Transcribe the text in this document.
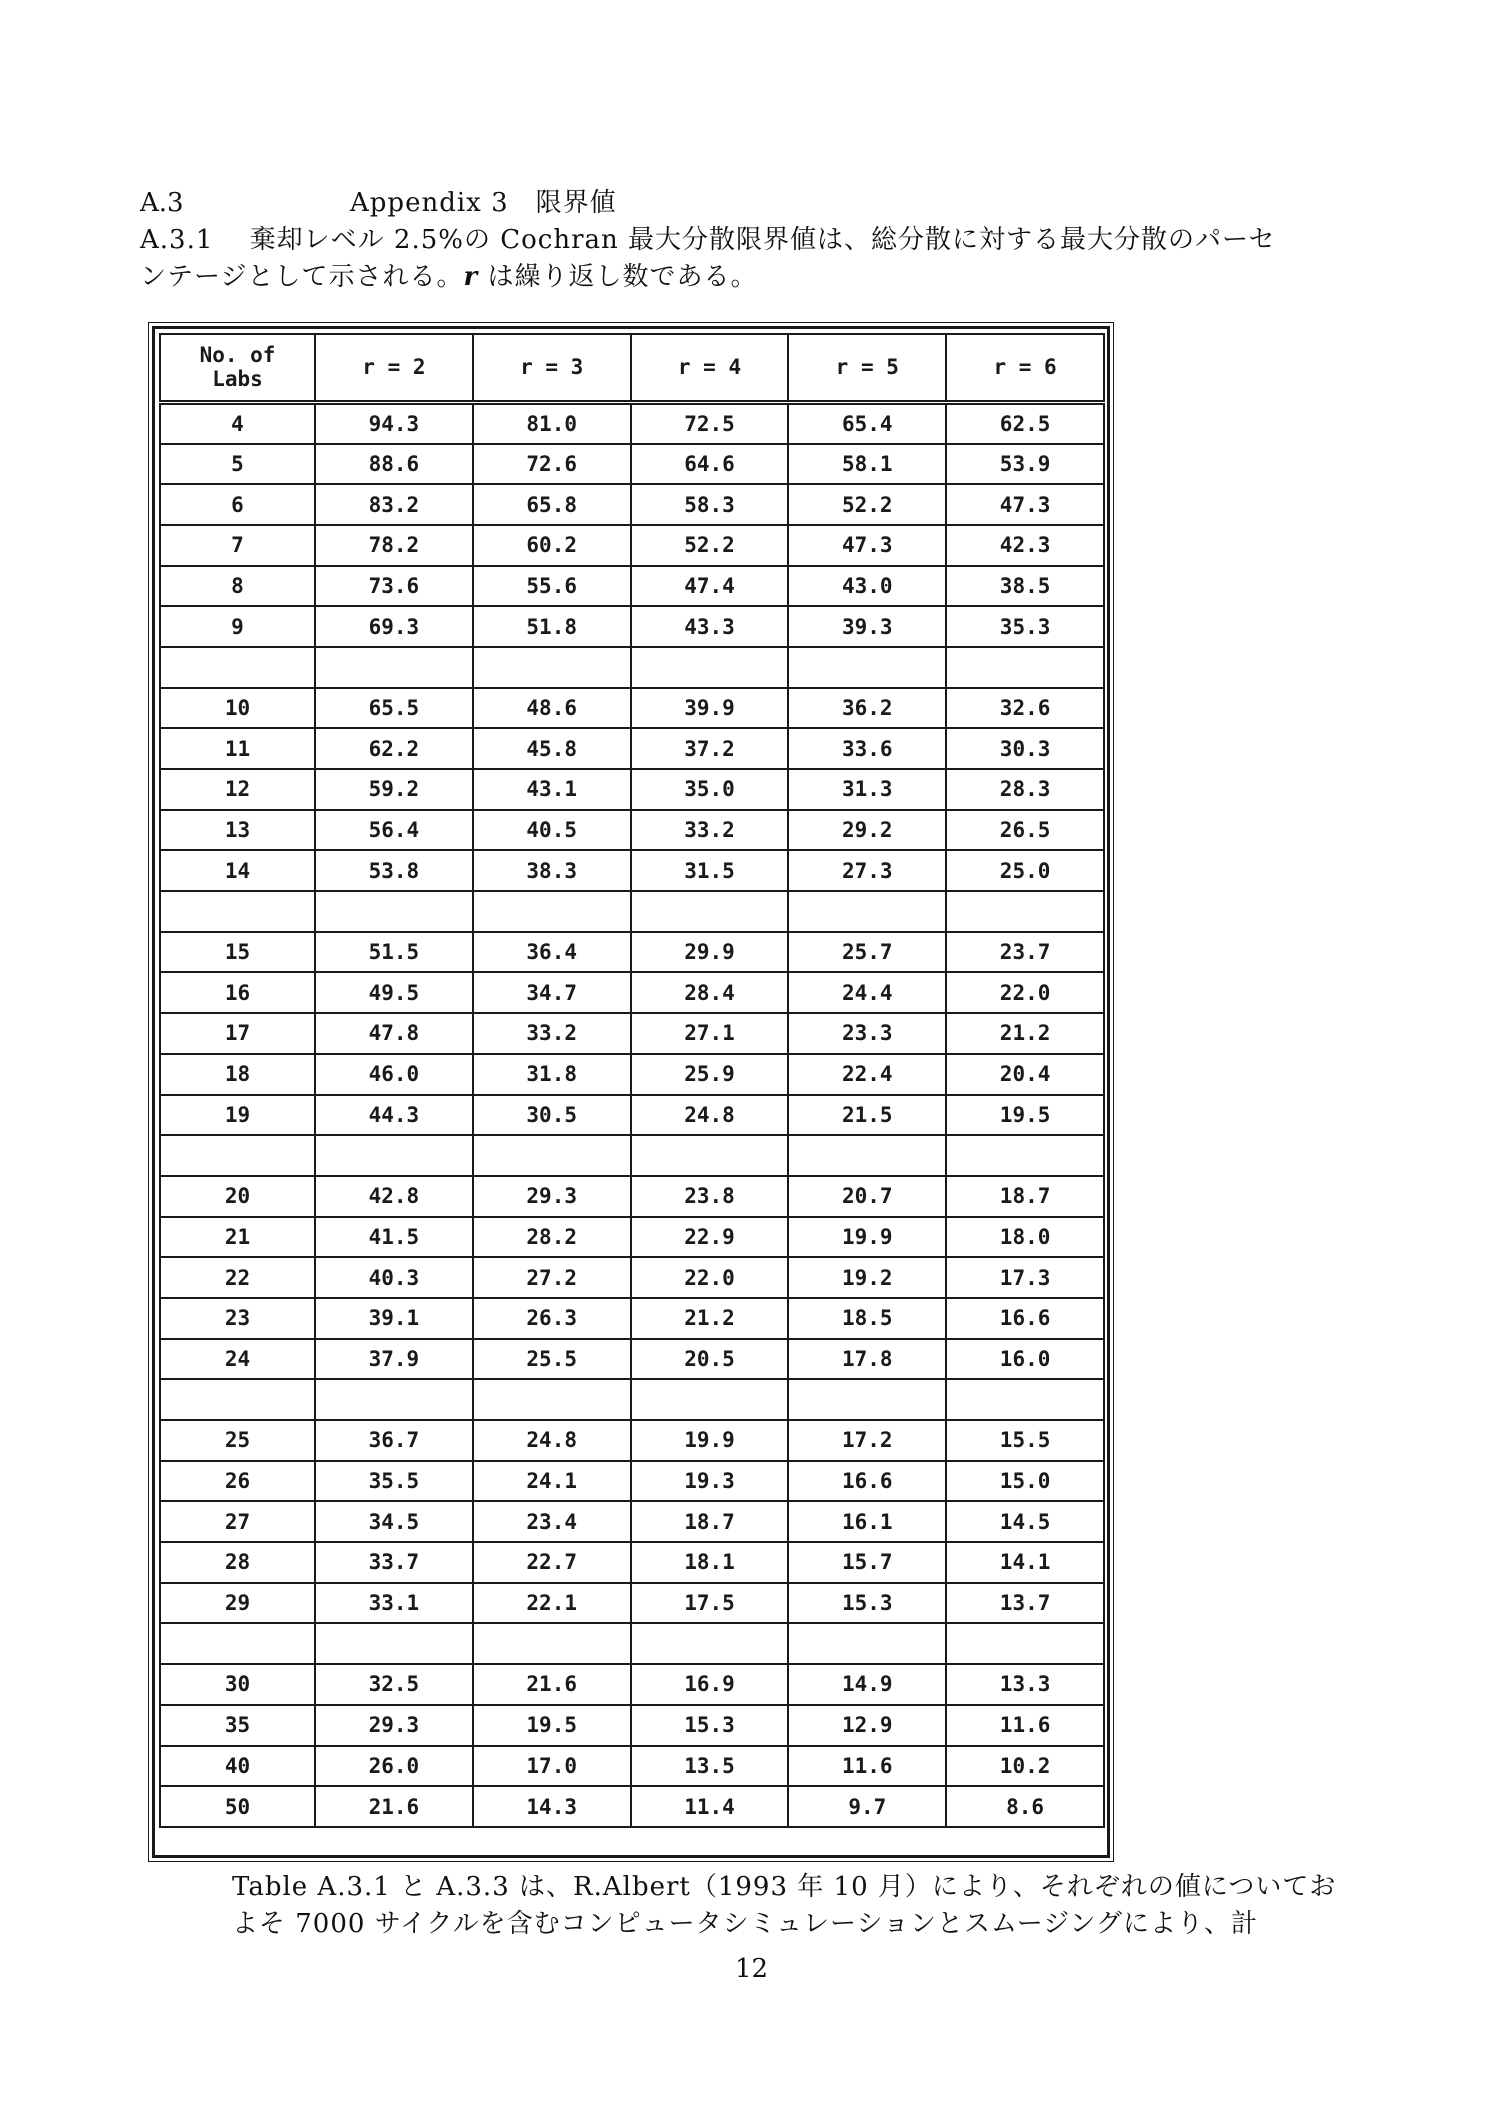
A.3	Appendix 3　限界値
A.3.1　 棄却レベル 2.5%の Cochran 最大分散限界値は、総分散に対する最大分散のパーセ
ンテージとして示される。r は繰り返し数である。
No. of
Labs	r = 2	r = 3	r = 4	r = 5	r = 6
4	94.3	81.0	72.5	65.4	62.5
5	88.6	72.6	64.6	58.1	53.9
6	83.2	65.8	58.3	52.2	47.3
7	78.2	60.2	52.2	47.3	42.3
8	73.6	55.6	47.4	43.0	38.5
9	69.3	51.8	43.3	39.3	35.3

10	65.5	48.6	39.9	36.2	32.6
11	62.2	45.8	37.2	33.6	30.3
12	59.2	43.1	35.0	31.3	28.3
13	56.4	40.5	33.2	29.2	26.5
14	53.8	38.3	31.5	27.3	25.0

15	51.5	36.4	29.9	25.7	23.7
16	49.5	34.7	28.4	24.4	22.0
17	47.8	33.2	27.1	23.3	21.2
18	46.0	31.8	25.9	22.4	20.4
19	44.3	30.5	24.8	21.5	19.5

20	42.8	29.3	23.8	20.7	18.7
21	41.5	28.2	22.9	19.9	18.0
22	40.3	27.2	22.0	19.2	17.3
23	39.1	26.3	21.2	18.5	16.6
24	37.9	25.5	20.5	17.8	16.0

25	36.7	24.8	19.9	17.2	15.5
26	35.5	24.1	19.3	16.6	15.0
27	34.5	23.4	18.7	16.1	14.5
28	33.7	22.7	18.1	15.7	14.1
29	33.1	22.1	17.5	15.3	13.7

30	32.5	21.6	16.9	14.9	13.3
35	29.3	19.5	15.3	12.9	11.6
40	26.0	17.0	13.5	11.6	10.2
50	21.6	14.3	11.4	9.7	8.6
Table A.3.1 と A.3.3 は、R.Albert（1993 年 10 月）により、それぞれの値についてお
よそ 7000 サイクルを含むコンピュータシミュレーションとスムージングにより、計
12
